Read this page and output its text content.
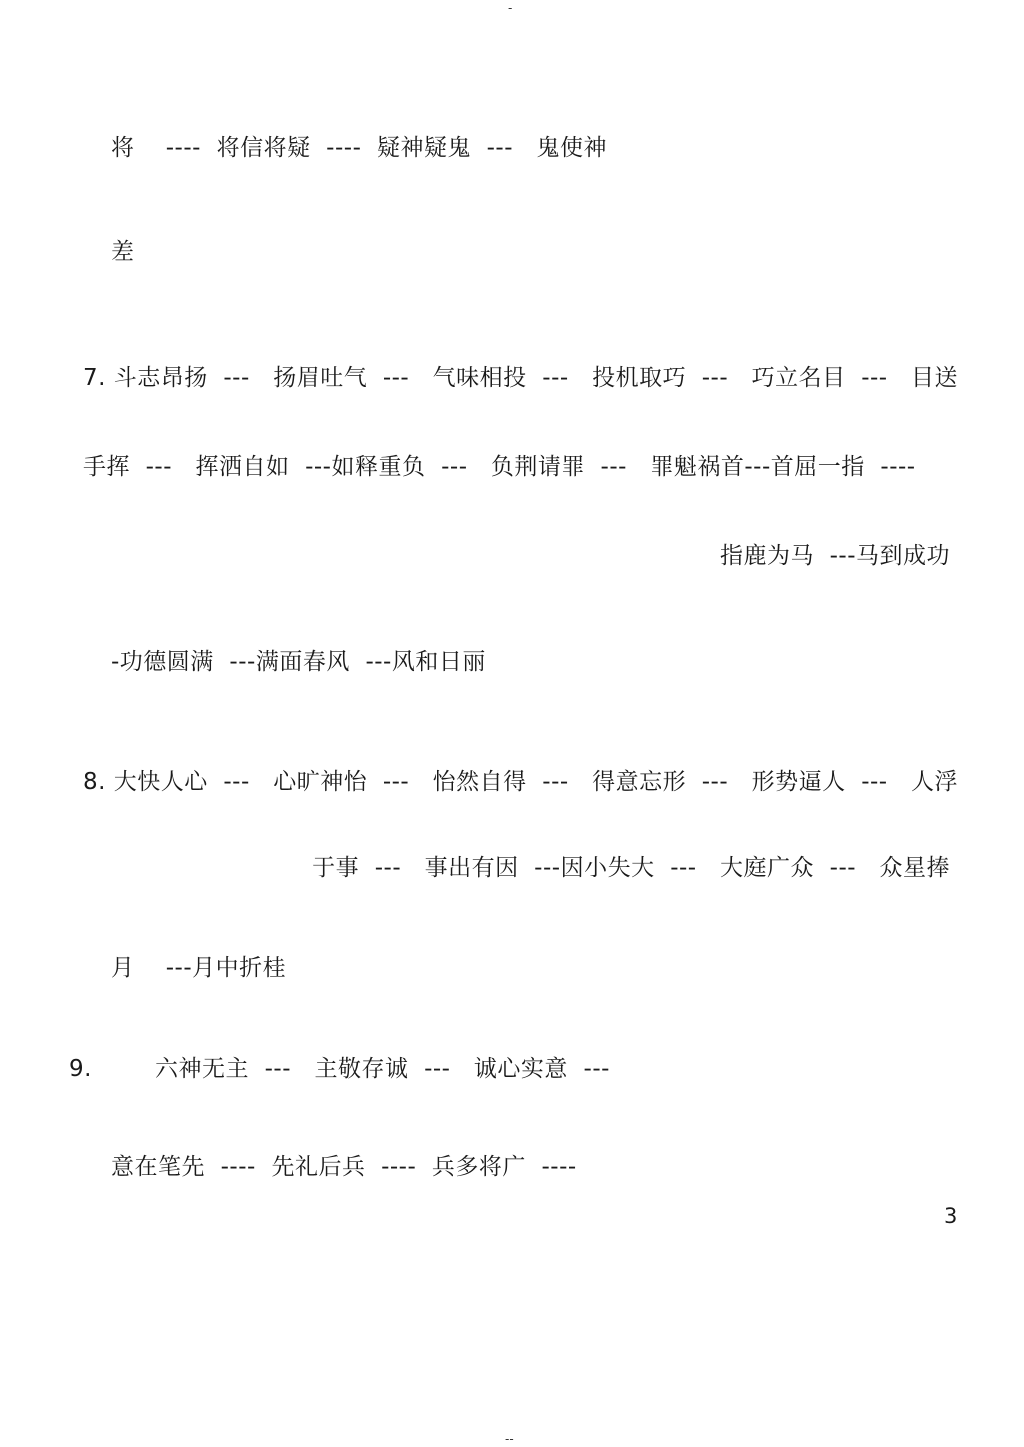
-
将    ----  将信将疑  ----  疑神疑鬼  ---   鬼使神
差
7. 斗志昂扬  ---   扬眉吐气  ---   气味相投  ---   投机取巧  ---   巧立名目  ---   目送
手挥  ---   挥洒自如  ---如释重负  ---   负荆请罪  ---   罪魁祸首---首屈一指  ----
指鹿为马  ---马到成功
-功德圆满  ---满面春风  ---风和日丽
8. 大快人心  ---   心旷神怡  ---   怡然自得  ---   得意忘形  ---   形势逼人  ---   人浮
于事  ---   事出有因  ---因小失大  ---   大庭广众  ---   众星捧
月    ---月中折桂
9.	六神无主  ---   主敬存诚  ---   诚心实意  ---
意在笔先  ----  先礼后兵  ----  兵多将广  ----
3
--
